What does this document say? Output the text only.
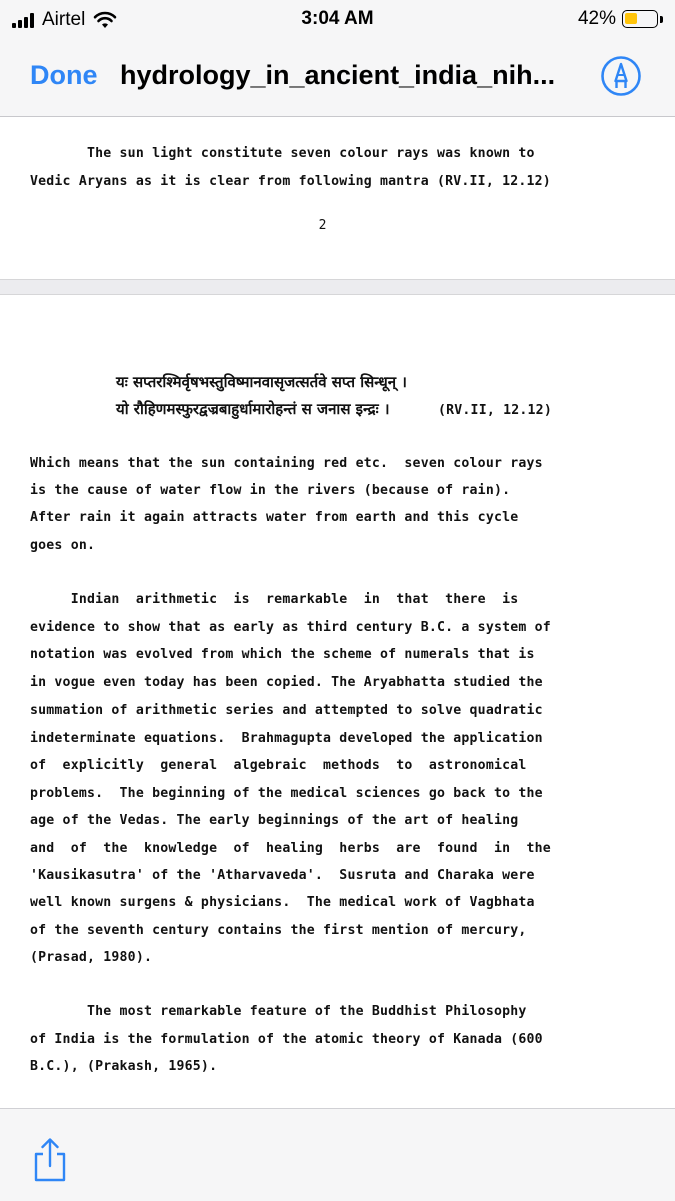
Airtel	3:04 AM	42%
Done hydrology_in_ancient_india_nih...
The sun light constitute seven colour rays was known to
Vedic Aryans as it is clear from following mantra (RV.II, 12.12)
2
यः सप्तरश्मिर्वृषभस्तुविष्मानवासृजत्सर्तवे सप्त सिन्धून् ।
यो रौहिणमस्फुरद्वज्रबाहुर्धामारोहन्तं स जनास इन्द्रः ।	(RV.II, 12.12)
Which means that the sun containing red etc.  seven colour rays
is the cause of water flow in the rivers (because of rain).
After rain it again attracts water from earth and this cycle
goes on.
Indian  arithmetic  is  remarkable  in  that  there  is
evidence to show that as early as third century B.C. a system of
notation was evolved from which the scheme of numerals that is
in vogue even today has been copied. The Aryabhatta studied the
summation of arithmetic series and attempted to solve quadratic
indeterminate equations.  Brahmagupta developed the application
of  explicitly  general  algebraic  methods  to  astronomical
problems.  The beginning of the medical sciences go back to the
age of the Vedas. The early beginnings of the art of healing
and  of  the  knowledge  of  healing  herbs  are  found  in  the
'Kausikasutra' of the 'Atharvaveda'.  Susruta and Charaka were
well known surgens & physicians.  The medical work of Vagbhata
of the seventh century contains the first mention of mercury,
(Prasad, 1980).
The most remarkable feature of the Buddhist Philosophy
of India is the formulation of the atomic theory of Kanada (600
B.C.), (Prakash, 1965).
